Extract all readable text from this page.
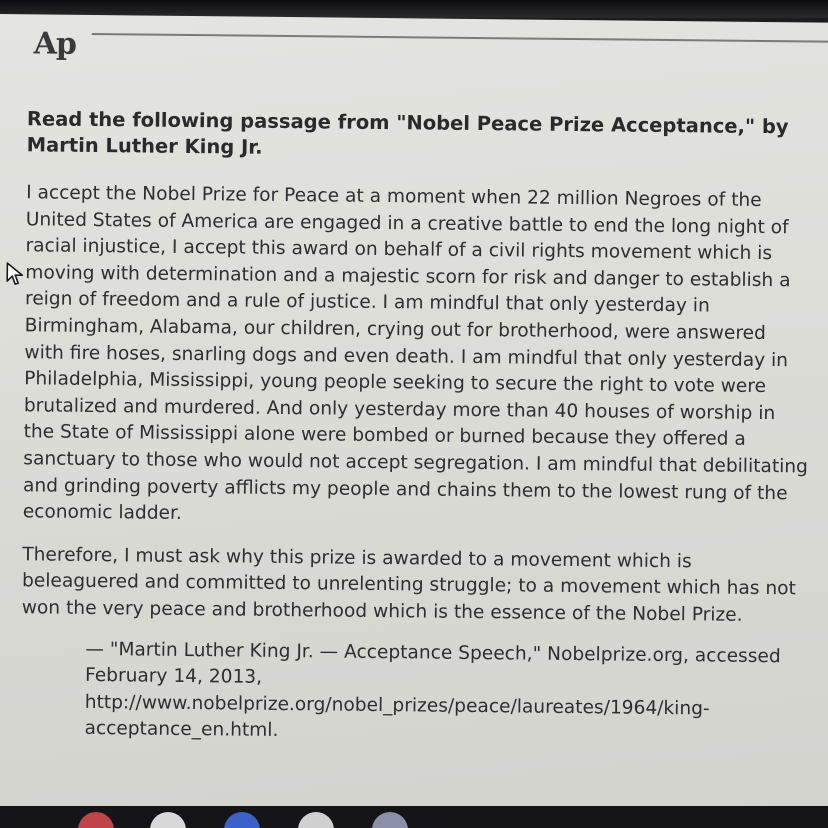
Ap

Read the following passage from "Nobel Peace Prize Acceptance," by
Martin Luther King Jr.

I accept the Nobel Prize for Peace at a moment when 22 million Negroes of the
United States of America are engaged in a creative battle to end the long night of
racial injustice, I accept this award on behalf of a civil rights movement which is
moving with determination and a majestic scorn for risk and danger to establish a
reign of freedom and a rule of justice. I am mindful that only yesterday in
Birmingham, Alabama, our children, crying out for brotherhood, were answered
with fire hoses, snarling dogs and even death. I am mindful that only yesterday in
Philadelphia, Mississippi, young people seeking to secure the right to vote were
brutalized and murdered. And only yesterday more than 40 houses of worship in
the State of Mississippi alone were bombed or burned because they offered a
sanctuary to those who would not accept segregation. I am mindful that debilitating
and grinding poverty afflicts my people and chains them to the lowest rung of the
economic ladder.
Therefore, I must ask why this prize is awarded to a movement which is
beleaguered and committed to unrelenting struggle; to a movement which has not
won the very peace and brotherhood which is the essence of the Nobel Prize.
— "Martin Luther King Jr. — Acceptance Speech," Nobelprize.org, accessed
February 14, 2013,
http://www.nobelprize.org/nobel_prizes/peace/laureates/1964/king-
acceptance_en.html.
